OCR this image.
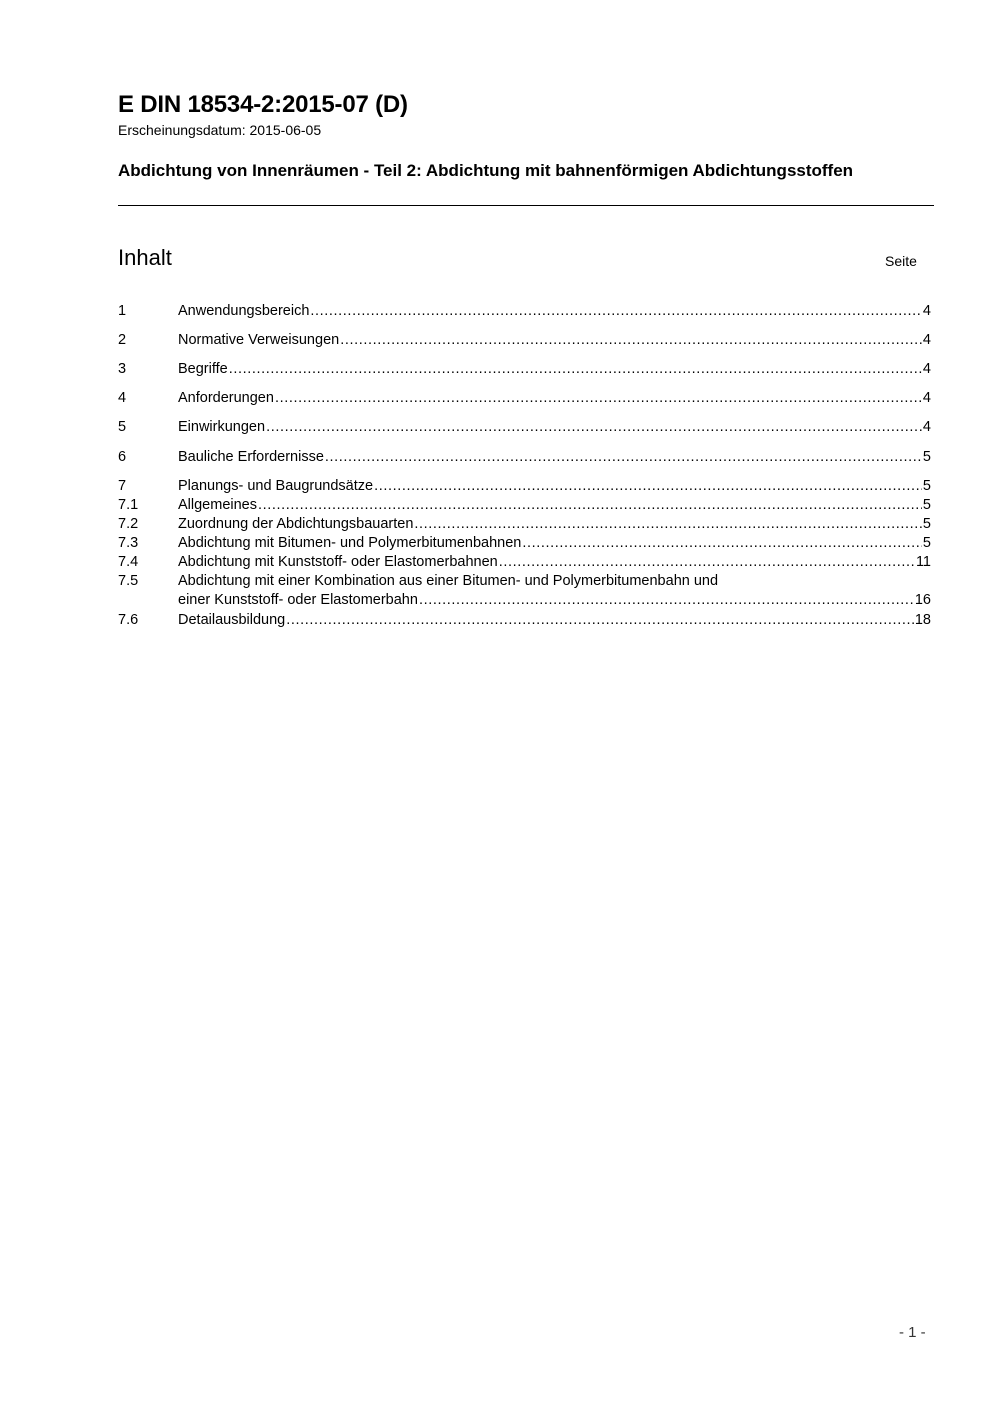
E DIN 18534-2:2015-07 (D)
Erscheinungsdatum: 2015-06-05
Abdichtung von Innenräumen - Teil 2: Abdichtung mit bahnenförmigen Abdichtungsstoffen
Inhalt	Seite
1	Anwendungsbereich .....	4
2	Normative Verweisungen .....	4
3	Begriffe .....	4
4	Anforderungen .....	4
5	Einwirkungen .....	4
6	Bauliche Erfordernisse .....	5
7	Planungs- und Baugrundsätze .....	5
7.1	Allgemeines .....	5
7.2	Zuordnung der Abdichtungsbauarten .....	5
7.3	Abdichtung mit Bitumen- und Polymerbitumenbahnen .....	5
7.4	Abdichtung mit Kunststoff- oder Elastomerbahnen .....	11
7.5	Abdichtung mit einer Kombination aus einer Bitumen- und Polymerbitumenbahn und
einer Kunststoff- oder Elastomerbahn .....	16
7.6	Detailausbildung .....	18
- 1 -
